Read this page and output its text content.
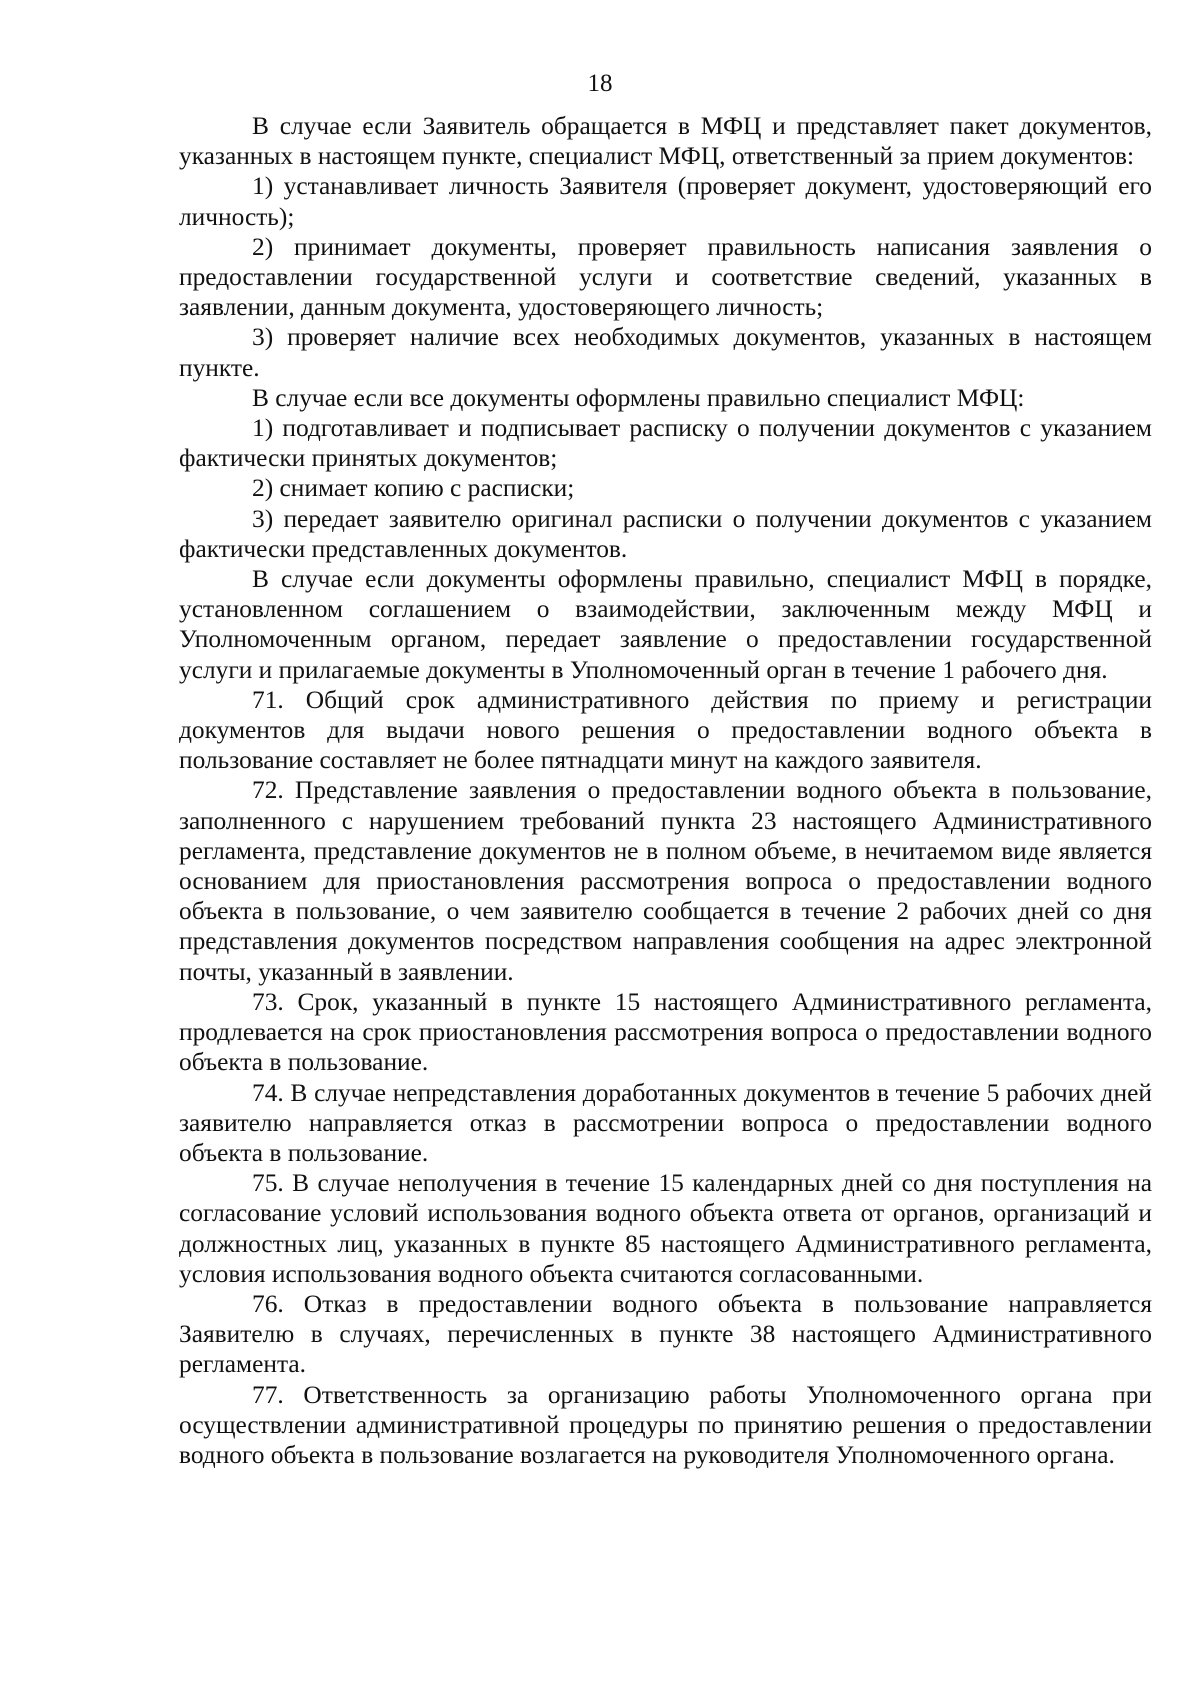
18

В случае если Заявитель обращается в МФЦ и представляет пакет документов, указанных в настоящем пункте, специалист МФЦ, ответственный за прием документов:

1) устанавливает личность Заявителя (проверяет документ, удостоверяющий его личность);

2) принимает документы, проверяет правильность написания заявления о предоставлении государственной услуги и соответствие сведений, указанных в заявлении, данным документа, удостоверяющего личность;

3) проверяет наличие всех необходимых документов, указанных в настоящем пункте.

В случае если все документы оформлены правильно специалист МФЦ:

1) подготавливает и подписывает расписку о получении документов с указанием фактически принятых документов;

2) снимает копию с расписки;

3) передает заявителю оригинал расписки о получении документов с указанием фактически представленных документов.

В случае если документы оформлены правильно, специалист МФЦ в порядке, установленном соглашением о взаимодействии, заключенным между МФЦ и Уполномоченным органом, передает заявление о предоставлении государственной услуги и прилагаемые документы в Уполномоченный орган в течение 1 рабочего дня.

71. Общий срок административного действия по приему и регистрации документов для выдачи нового решения о предоставлении водного объекта в пользование составляет не более пятнадцати минут на каждого заявителя.

72. Представление заявления о предоставлении водного объекта в пользование, заполненного с нарушением требований пункта 23 настоящего Административного регламента, представление документов не в полном объеме, в нечитаемом виде является основанием для приостановления рассмотрения вопроса о предоставлении водного объекта в пользование, о чем заявителю сообщается в течение 2 рабочих дней со дня представления документов посредством направления сообщения на адрес электронной почты, указанный в заявлении.

73. Срок, указанный в пункте 15 настоящего Административного регламента, продлевается на срок приостановления рассмотрения вопроса о предоставлении водного объекта в пользование.

74. В случае непредставления доработанных документов в течение 5 рабочих дней заявителю направляется отказ в рассмотрении вопроса о предоставлении водного объекта в пользование.

75. В случае неполучения в течение 15 календарных дней со дня поступления на согласование условий использования водного объекта ответа от органов, организаций и должностных лиц, указанных в пункте 85 настоящего Административного регламента, условия использования водного объекта считаются согласованными.

76. Отказ в предоставлении водного объекта в пользование направляется Заявителю в случаях, перечисленных в пункте 38 настоящего Административного регламента.

77. Ответственность за организацию работы Уполномоченного органа при осуществлении административной процедуры по принятию решения о предоставлении водного объекта в пользование возлагается на руководителя Уполномоченного органа.
